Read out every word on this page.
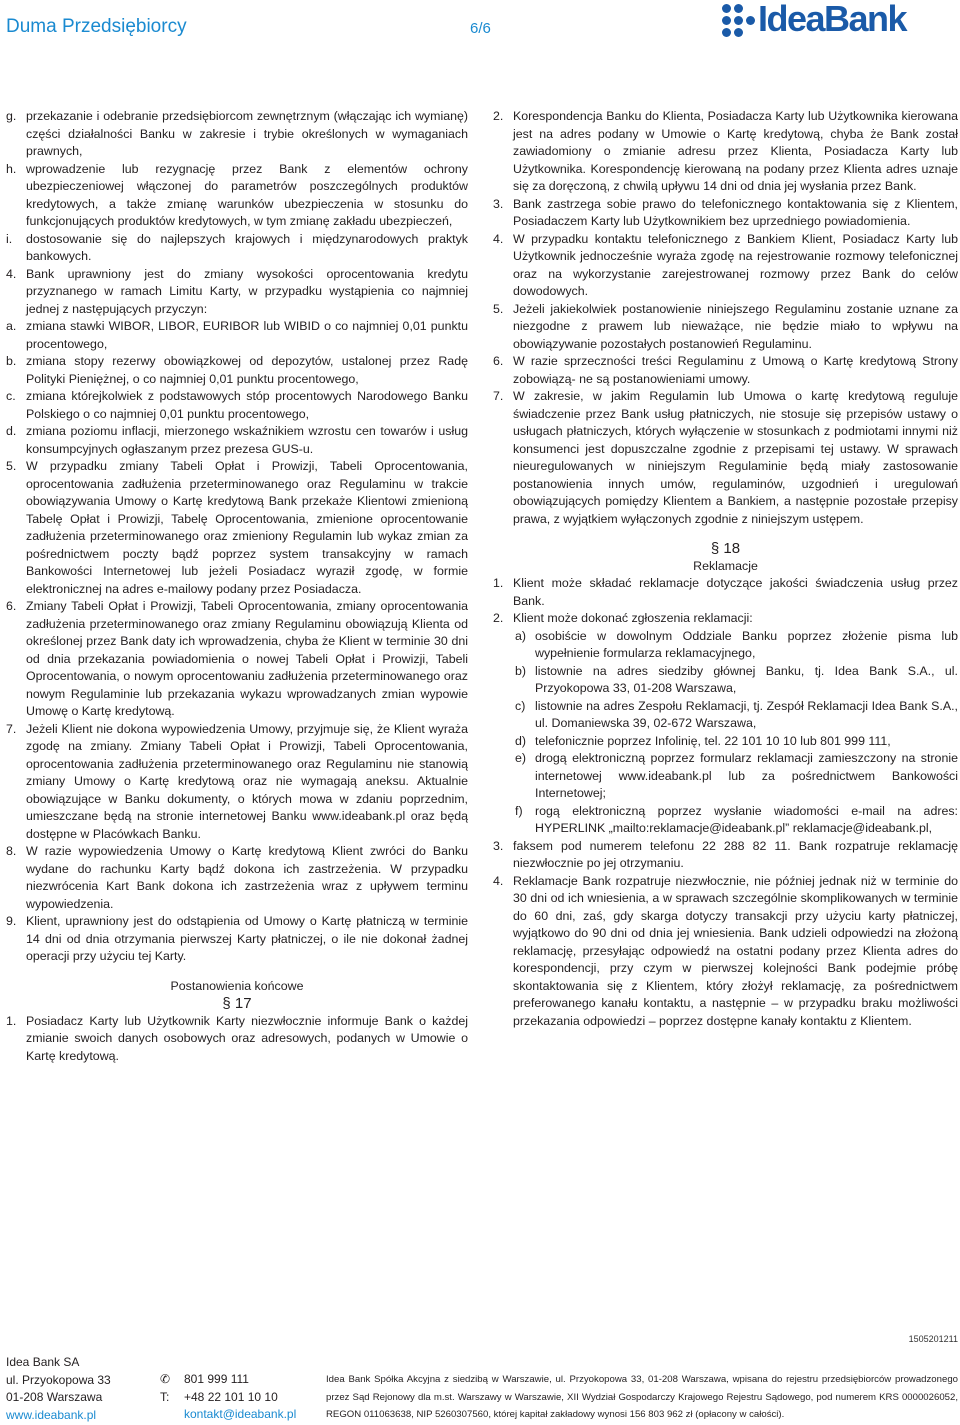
Duma Przedsiębiorcy	6/6	IdeaBank
g. przekazanie i odebranie przedsiębiorcom zewnętrznym (włączając ich wymianę) części działalności Banku w zakresie i trybie określonych w wymaganiach prawnych,
h. wprowadzenie lub rezygnację przez Bank z elementów ochrony ubezpieczeniowej włączonej do parametrów poszczególnych produktów kredytowych, a także zmianę warunków ubezpieczenia w stosunku do funkcjonujących produktów kredytowych, w tym zmianę zakładu ubezpieczeń,
i. dostosowanie się do najlepszych krajowych i międzynarodowych praktyk bankowych.
4. Bank uprawniony jest do zmiany wysokości oprocentowania kredytu przyznanego w ramach Limitu Karty, w przypadku wystąpienia co najmniej jednej z następujących przyczyn:
a. zmiana stawki WIBOR, LIBOR, EURIBOR lub WIBID o co najmniej 0,01 punktu procentowego,
b. zmiana stopy rezerwy obowiązkowej od depozytów, ustalonej przez Radę Polityki Pieniężnej, o co najmniej 0,01 punktu procentowego,
c. zmiana którejkolwiek z podstawowych stóp procentowych Narodowego Banku Polskiego o co najmniej 0,01 punktu procentowego,
d. zmiana poziomu inflacji, mierzonego wskaźnikiem wzrostu cen towarów i usług konsumpcyjnych ogłaszanym przez prezesa GUS-u.
5. W przypadku zmiany Tabeli Opłat i Prowizji, Tabeli Oprocentowania, oprocentowania zadłużenia przeterminowanego oraz Regulaminu w trakcie obowiązywania Umowy o Kartę kredytową Bank przekaże Klientowi zmienioną Tabelę Opłat i Prowizji, Tabelę Oprocentowania, zmienione oprocentowanie zadłużenia przeterminowanego oraz zmieniony Regulamin lub wykaz zmian za pośrednictwem poczty bądź poprzez system transakcyjny w ramach Bankowości Internetowej lub jeżeli Posiadacz wyraził zgodę, w formie elektronicznej na adres e-mailowy podany przez Posiadacza.
6. Zmiany Tabeli Opłat i Prowizji, Tabeli Oprocentowania, zmiany oprocentowania zadłużenia przeterminowanego oraz zmiany Regulaminu obowiązują Klienta od określonej przez Bank daty ich wprowadzenia, chyba że Klient w terminie 30 dni od dnia przekazania powiadomienia o nowej Tabeli Opłat i Prowizji, Tabeli Oprocentowania, o nowym oprocentowaniu zadłużenia przeterminowanego oraz nowym Regulaminie lub przekazania wykazu wprowadzanych zmian wypowie Umowę o Kartę kredytową.
7. Jeżeli Klient nie dokona wypowiedzenia Umowy, przyjmuje się, że Klient wyraża zgodę na zmiany. Zmiany Tabeli Opłat i Prowizji, Tabeli Oprocentowania, oprocentowania zadłużenia przeterminowanego oraz Regulaminu nie stanowią zmiany Umowy o Kartę kredytową oraz nie wymagają aneksu. Aktualnie obowiązujące w Banku dokumenty, o których mowa w zdaniu poprzednim, umieszczane będą na stronie internetowej Banku www.ideabank.pl oraz będą dostępne w Placówkach Banku.
8. W razie wypowiedzenia Umowy o Kartę kredytową Klient zwróci do Banku wydane do rachunku Karty bądź dokona ich zastrzeżenia. W przypadku niezwrócenia Kart Bank dokona ich zastrzeżenia wraz z upływem terminu wypowiedzenia.
9. Klient, uprawniony jest do odstąpienia od Umowy o Kartę płatniczą w terminie 14 dni od dnia otrzymania pierwszej Karty płatniczej, o ile nie dokonał żadnej operacji przy użyciu tej Karty.
Postanowienia końcowe
§ 17
1. Posiadacz Karty lub Użytkownik Karty niezwłocznie informuje Bank o każdej zmianie swoich danych osobowych oraz adresowych, podanych w Umowie o Kartę kredytową.
2. Korespondencja Banku do Klienta, Posiadacza Karty lub Użytkownika kierowana jest na adres podany w Umowie o Kartę kredytową, chyba że Bank został zawiadomiony o zmianie adresu przez Klienta, Posiadacza Karty lub Użytkownika. Korespondencję kierowaną na podany przez Klienta adres uznaje się za doręczoną, z chwilą upływu 14 dni od dnia jej wysłania przez Bank.
3. Bank zastrzega sobie prawo do telefonicznego kontaktowania się z Klientem, Posiadaczem Karty lub Użytkownikiem bez uprzedniego powiadomienia.
4. W przypadku kontaktu telefonicznego z Bankiem Klient, Posiadacz Karty lub Użytkownik jednocześnie wyraża zgodę na rejestrowanie rozmowy telefonicznej oraz na wykorzystanie zarejestrowanej rozmowy przez Bank do celów dowodowych.
5. Jeżeli jakiekolwiek postanowienie niniejszego Regulaminu zostanie uznane za niezgodne z prawem lub nieważące, nie będzie miało to wpływu na obowiązywanie pozostałych postanowień Regulaminu.
6. W razie sprzeczności treści Regulaminu z Umową o Kartę kredytową Strony zobowiązą- ne są postanowieniami umowy.
7. W zakresie, w jakim Regulamin lub Umowa o kartę kredytową reguluje świadczenie przez Bank usług płatniczych, nie stosuje się przepisów ustawy o usługach płatniczych, których wyłączenie w stosunkach z podmiotami innymi niż konsumenci jest dopuszczalne zgodnie z przepisami tej ustawy. W sprawach nieuregulowanych w niniejszym Regulaminie będą miały zastosowanie postanowienia innych umów, regulaminów, uzgodnień i uregulowań obowiązujących pomiędzy Klientem a Bankiem, a następnie pozostałe przepisy prawa, z wyjątkiem wyłączonych zgodnie z niniejszym ustępem.
§ 18
Reklamacje
1. Klient może składać reklamacje dotyczące jakości świadczenia usług przez Bank.
2. Klient może dokonać zgłoszenia reklamacji:
a) osobiście w dowolnym Oddziale Banku poprzez złożenie pisma lub wypełnienie formularza reklamacyjnego,
b) listownie na adres siedziby głównej Banku, tj. Idea Bank S.A., ul. Przyokopowa 33, 01-208 Warszawa,
c) listownie na adres Zespołu Reklamacji, tj. Zespół Reklamacji Idea Bank S.A., ul. Domaniewska 39, 02-672 Warszawa,
d) telefonicznie poprzez Infolinię, tel. 22 101 10 10 lub 801 999 111,
e) drogą elektroniczną poprzez formularz reklamacji zamieszczony na stronie internetowej www.ideabank.pl lub za pośrednictwem Bankowości Internetowej;
f) rogą elektroniczną poprzez wysłanie wiadomości e-mail na adres: HYPERLINK „mailto:reklamacje@ideabank.pl” reklamacje@ideabank.pl,
3. faksem pod numerem telefonu 22 288 82 11. Bank rozpatruje reklamację niezwłocznie po jej otrzymaniu.
4. Reklamacje Bank rozpatruje niezwłocznie, nie później jednak niż w terminie do 30 dni od ich wniesienia, a w sprawach szczególnie skomplikowanych w terminie do 60 dni, zaś, gdy skarga dotyczy transakcji przy użyciu karty płatniczej, wyjątkowo do 90 dni od dnia jej wniesienia. Bank udzieli odpowiedzi na złożoną reklamację, przesyłając odpowiedź na ostatni podany przez Klienta adres do korespondencji, przy czym w pierwszej kolejności Bank podejmie próbę skontaktowania się z Klientem, który złożył reklamację, za pośrednictwem preferowanego kanału kontaktu, a następnie – w przypadku braku możliwości przekazania odpowiedzi – poprzez dostępne kanały kontaktu z Klientem.
1505201211
Idea Bank SA
ul. Przyokopowa 33
01-208 Warszawa
www.ideabank.pl
✆ 801 999 111
T: +48 22 101 10 10
kontakt@ideabank.pl
Idea Bank Spółka Akcyjna z siedzibą w Warszawie, ul. Przyokopowa 33, 01-208 Warszawa, wpisana do rejestru przedsiębiorców prowadzonego przez Sąd Rejonowy dla m.st. Warszawy w Warszawie, XII Wydział Gospodarczy Krajowego Rejestru Sądowego, pod numerem KRS 0000026052, REGON 011063638, NIP 5260307560, której kapitał zakładowy wynosi 156 803 962 zł (opłacony w całości).
